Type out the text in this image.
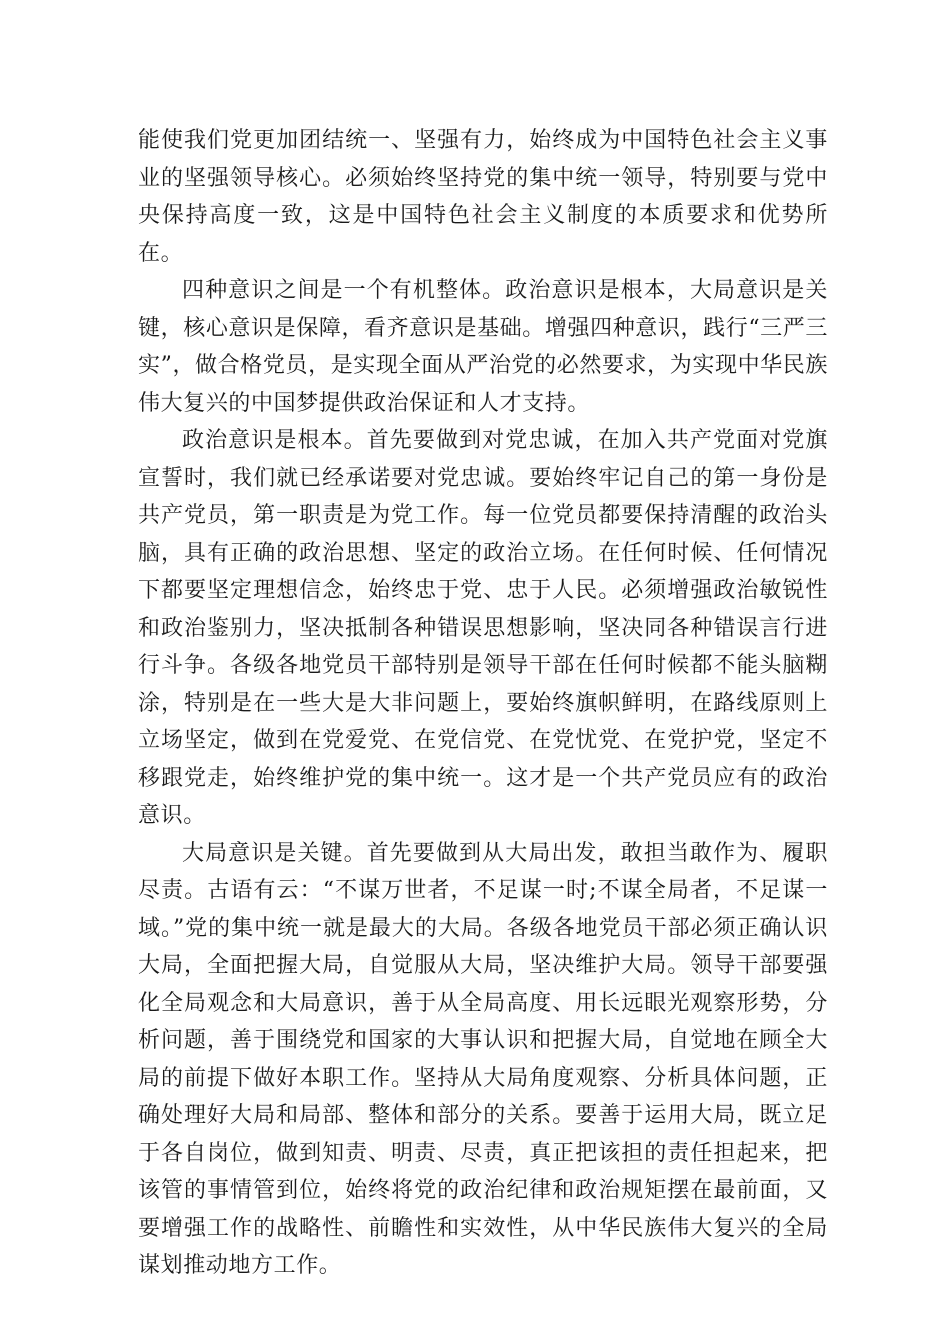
能使我们党更加团结统一、坚强有力，始终成为中国特色社会主义事业的坚强领导核心。必须始终坚持党的集中统一领导，特别要与党中央保持高度一致，这是中国特色社会主义制度的本质要求和优势所在。

四种意识之间是一个有机整体。政治意识是根本，大局意识是关键，核心意识是保障，看齐意识是基础。增强四种意识，践行“三严三实”，做合格党员，是实现全面从严治党的必然要求，为实现中华民族伟大复兴的中国梦提供政治保证和人才支持。

政治意识是根本。首先要做到对党忠诚，在加入共产党面对党旗宣誓时，我们就已经承诺要对党忠诚。要始终牢记自己的第一身份是共产党员，第一职责是为党工作。每一位党员都要保持清醒的政治头脑，具有正确的政治思想、坚定的政治立场。在任何时候、任何情况下都要坚定理想信念，始终忠于党、忠于人民。必须增强政治敏锐性和政治鉴别力，坚决抵制各种错误思想影响，坚决同各种错误言行进行斗争。各级各地党员干部特别是领导干部在任何时候都不能头脑糊涂，特别是在一些大是大非问题上，要始终旗帜鲜明，在路线原则上立场坚定，做到在党爱党、在党信党、在党忧党、在党护党，坚定不移跟党走，始终维护党的集中统一。这才是一个共产党员应有的政治意识。

大局意识是关键。首先要做到从大局出发，敢担当敢作为、履职尽责。古语有云：“不谋万世者，不足谋一时;不谋全局者，不足谋一域。”党的集中统一就是最大的大局。各级各地党员干部必须正确认识大局，全面把握大局，自觉服从大局，坚决维护大局。领导干部要强化全局观念和大局意识，善于从全局高度、用长远眼光观察形势，分析问题，善于围绕党和国家的大事认识和把握大局，自觉地在顾全大局的前提下做好本职工作。坚持从大局角度观察、分析具体问题，正确处理好大局和局部、整体和部分的关系。要善于运用大局，既立足于各自岗位，做到知责、明责、尽责，真正把该担的责任担起来，把该管的事情管到位，始终将党的政治纪律和政治规矩摆在最前面，又要增强工作的战略性、前瞻性和实效性，从中华民族伟大复兴的全局谋划推动地方工作。
